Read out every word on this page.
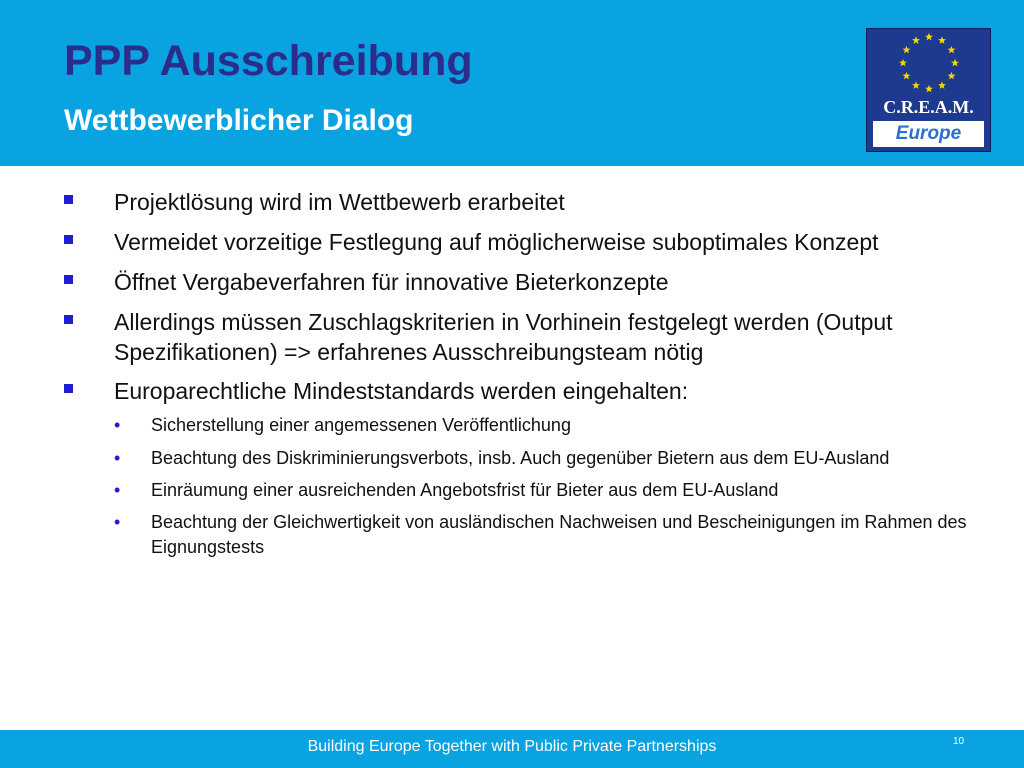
PPP Ausschreibung
Wettbewerblicher Dialog	C.R.E.A.M.
Europe
Projektlösung wird im Wettbewerb erarbeitet
Vermeidet vorzeitige Festlegung auf möglicherweise suboptimales Konzept
Öffnet Vergabeverfahren für innovative Bieterkonzepte
Allerdings müssen Zuschlagskriterien in Vorhinein festgelegt werden (Output Spezifikationen) => erfahrenes Ausschreibungsteam nötig
Europarechtliche Mindeststandards werden eingehalten:
• Sicherstellung einer angemessenen Veröffentlichung
• Beachtung des Diskriminierungsverbots, insb. Auch gegenüber Bietern aus dem EU-Ausland
• Einräumung einer ausreichenden Angebotsfrist für Bieter aus dem EU-Ausland
• Beachtung der Gleichwertigkeit von ausländischen Nachweisen und Bescheinigungen im Rahmen des Eignungstests
Building Europe Together with Public Private Partnerships	10
